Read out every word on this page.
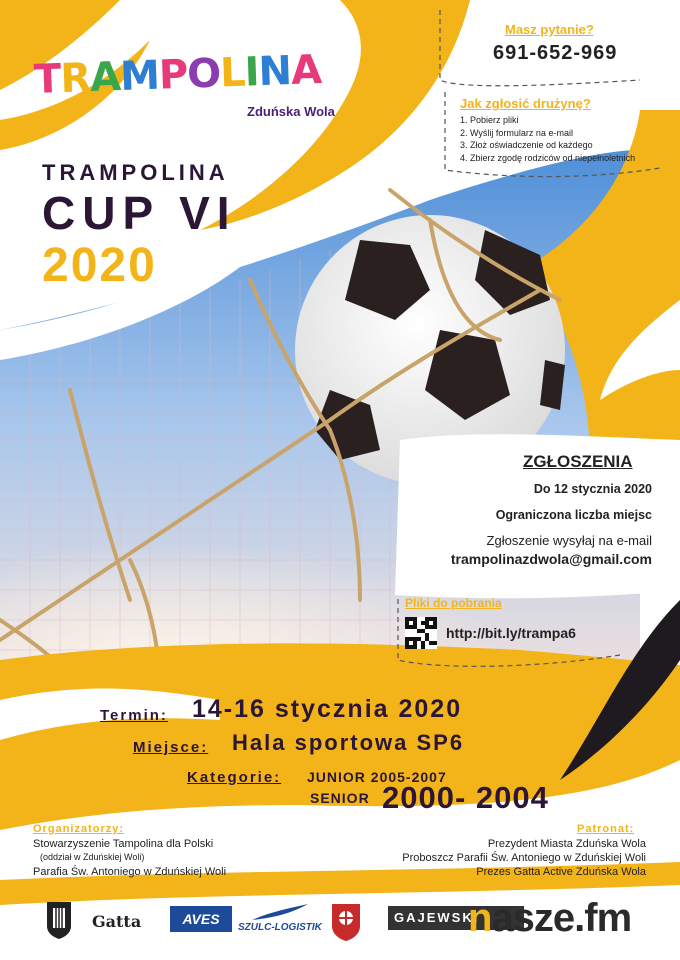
TRAMPOLINA
Zduńska Wola
TRAMPOLINA
CUP VI
2020
Masz pytanie?
691-652-969
Jak zgłosić drużynę?
1. Pobierz pliki
2. Wyślij formularz na e-mail
3. Złoż oświadczenie od każdego
4. Zbierz zgodę rodziców od niepełnoletnich
ZGŁOSZENIA
Do 12 stycznia 2020
Ograniczona liczba miejsc
Zgłoszenie wysyłaj na e-mail
trampolinazdwola@gmail.com
Pliki do pobrania
http://bit.ly/trampa6
Termin: 14-16 stycznia 2020
Miejsce: Hala sportowa SP6
Kategorie: JUNIOR 2005-2007
SENIOR 2000- 2004
Organizatorzy:
Stowarzyszenie Tampolina dla Polski
(oddział w Zduńskiej Woli)
Parafia Św. Antoniego w Zduńskiej Woli
Patronat:
Prezydent Miasta Zduńska Wola
Proboszcz Parafii Św. Antoniego w Zduńskiej Woli
Prezes Gatta Active Zduńska Wola
Gatta	AVES
SZULC-LOGISTIK
GAJEWSKI
nasze.fm
